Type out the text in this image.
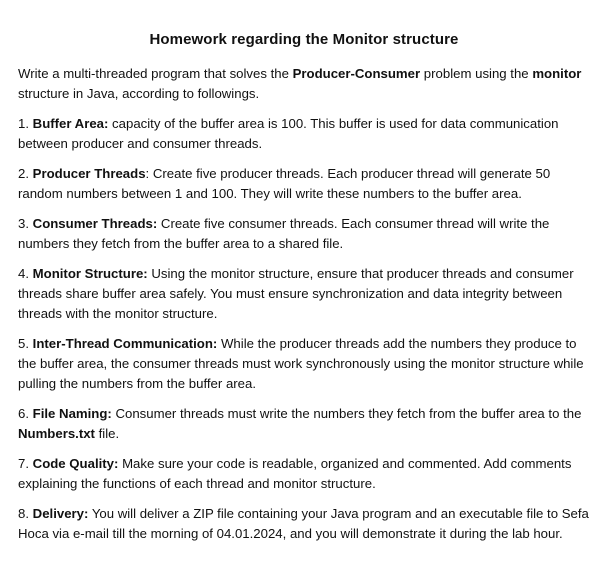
Homework regarding the Monitor structure

Write a multi-threaded program that solves the Producer-Consumer problem using the monitor structure in Java, according to followings.

1. Buffer Area: capacity of the buffer area is 100. This buffer is used for data communication between producer and consumer threads.

2. Producer Threads: Create five producer threads. Each producer thread will generate 50 random numbers between 1 and 100. They will write these numbers to the buffer area.

3. Consumer Threads: Create five consumer threads. Each consumer thread will write the numbers they fetch from the buffer area to a shared file.

4. Monitor Structure: Using the monitor structure, ensure that producer threads and consumer threads share buffer area safely. You must ensure synchronization and data integrity between threads with the monitor structure.

5. Inter-Thread Communication: While the producer threads add the numbers they produce to the buffer area, the consumer threads must work synchronously using the monitor structure while pulling the numbers from the buffer area.

6. File Naming: Consumer threads must write the numbers they fetch from the buffer area to the Numbers.txt file.

7. Code Quality: Make sure your code is readable, organized and commented. Add comments explaining the functions of each thread and monitor structure.

8. Delivery: You will deliver a ZIP file containing your Java program and an executable file to Sefa Hoca via e-mail till the morning of 04.01.2024, and you will demonstrate it during the lab hour.
